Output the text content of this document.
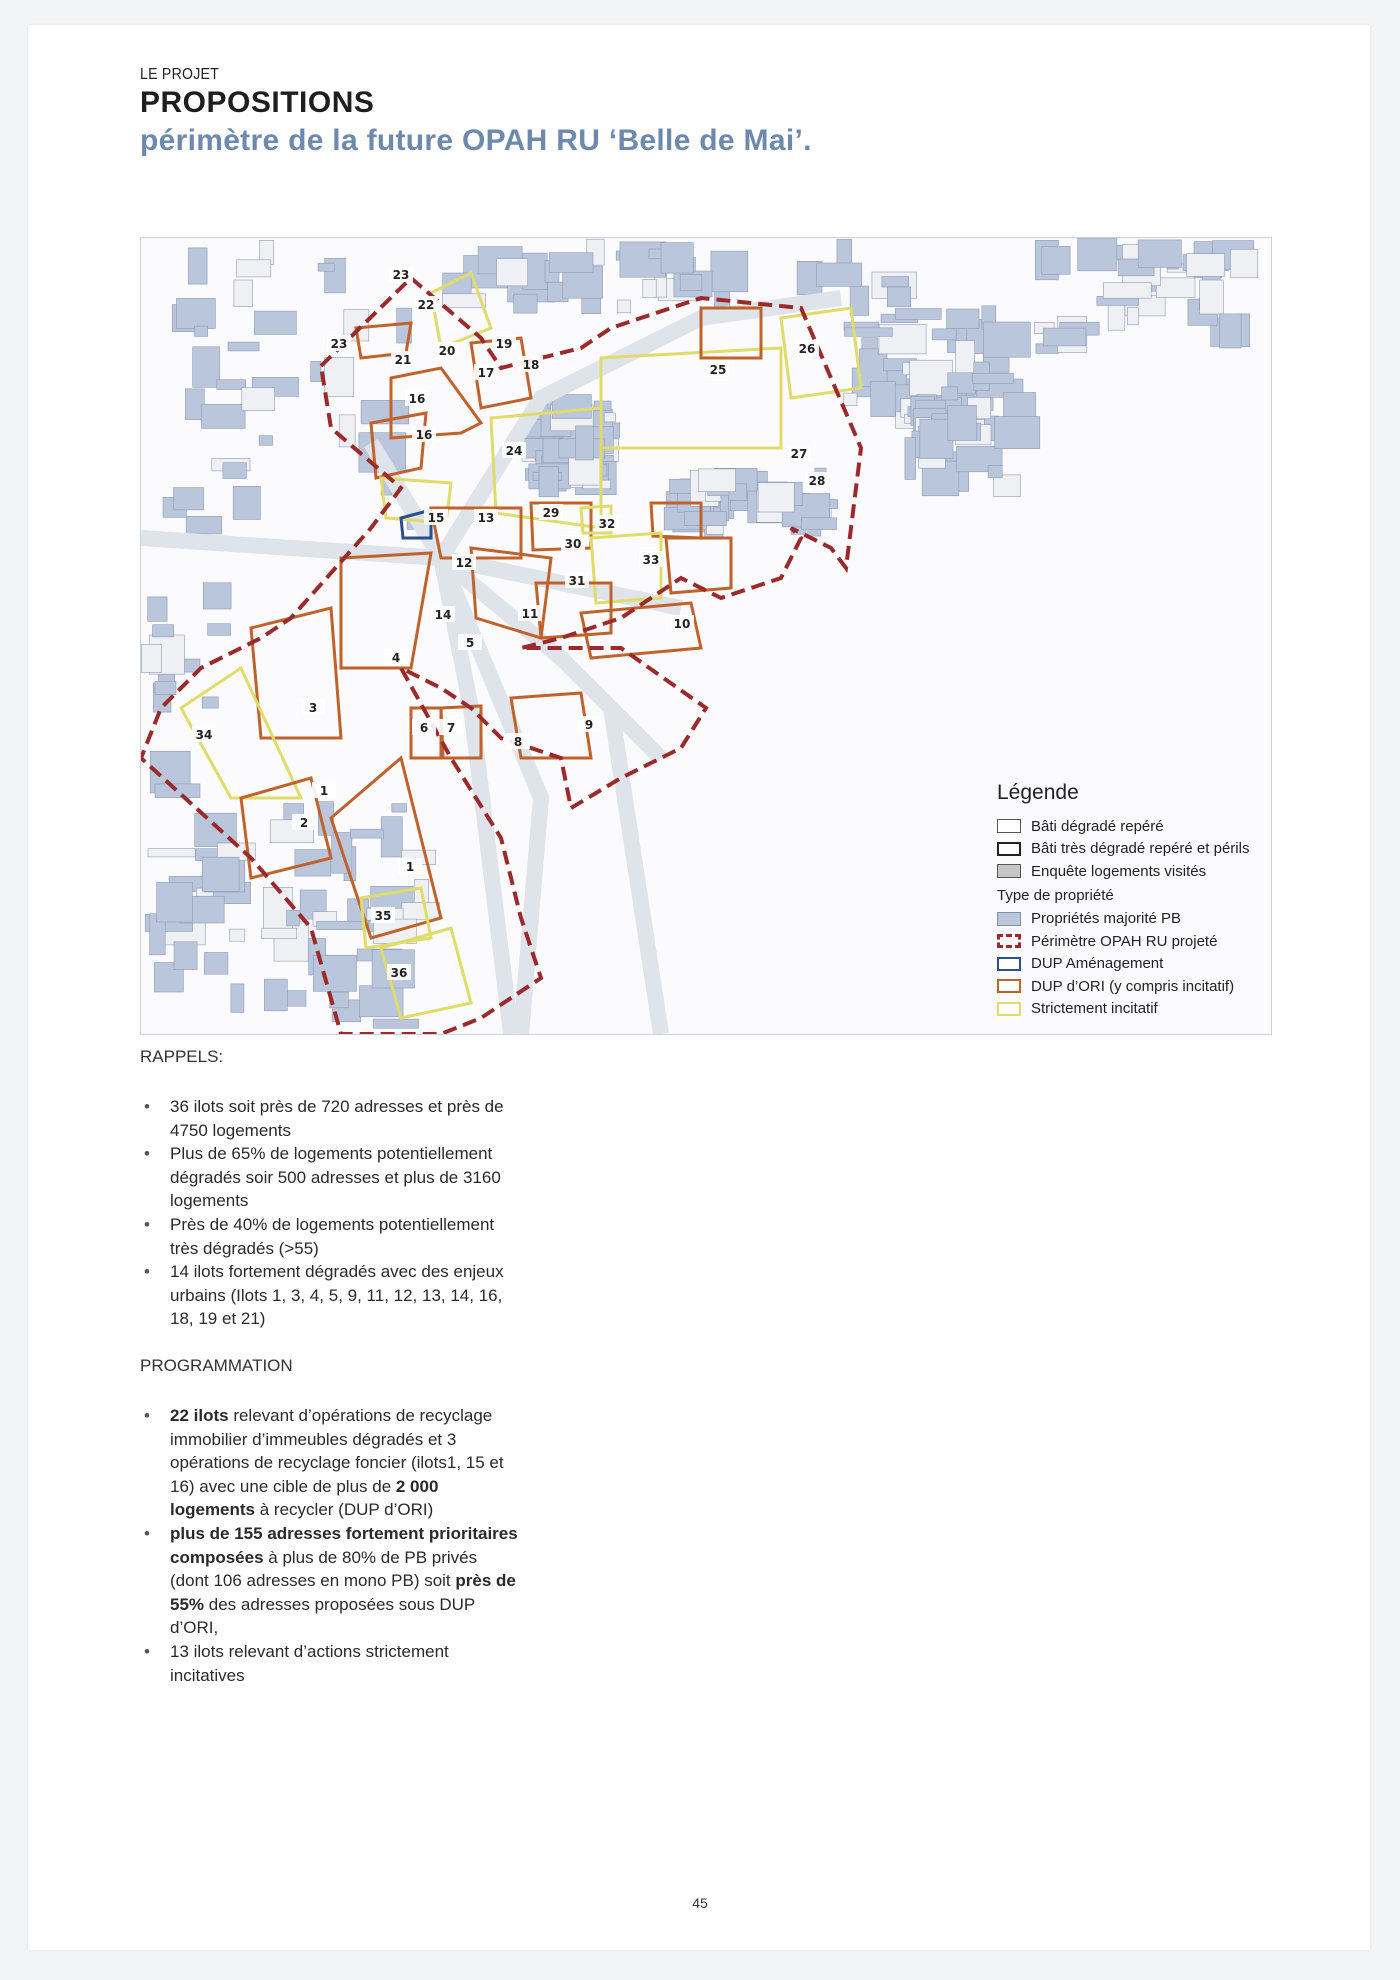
LE PROJET
PROPOSITIONS
périmètre de la future OPAH RU ‘Belle de Mai’.
23
22
23
21
20	19
17
18
16
16
25
26
24	27
28
15	13	29
32
30
33
12
31
14	11
10
4
5
3
6 7
8
9
34
1
2
1
35
36
Légende
Bâti dégradé repéré
Bâti très dégradé repéré et périls
Enquête logements visités
Type de propriété
Propriétés majorité PB
Périmètre OPAH RU projeté
DUP Aménagement
DUP d’ORI (y compris incitatif)
Strictement incitatif
RAPPELS:
• 36 ilots soit près de 720 adresses et près de 4750 logements
• Plus de 65% de logements potentiellement dégradés soir 500 adresses et plus de 3160 logements
• Près de 40% de logements potentiellement très dégradés (>55)
• 14 ilots fortement dégradés avec des enjeux urbains (Ilots 1, 3, 4, 5, 9, 11, 12, 13, 14, 16, 18, 19 et 21)
PROGRAMMATION
• 22 ilots relevant d’opérations de recyclage immobilier d’immeubles dégradés et 3 opérations de recyclage foncier (ilots1, 15 et 16) avec une cible de plus de 2 000 logements à recycler (DUP d’ORI)
• plus de 155 adresses fortement prioritaires composées à plus de 80% de PB privés (dont 106 adresses en mono PB) soit près de 55% des adresses proposées sous DUP d’ORI,
• 13 ilots relevant d’actions strictement incitatives
45
